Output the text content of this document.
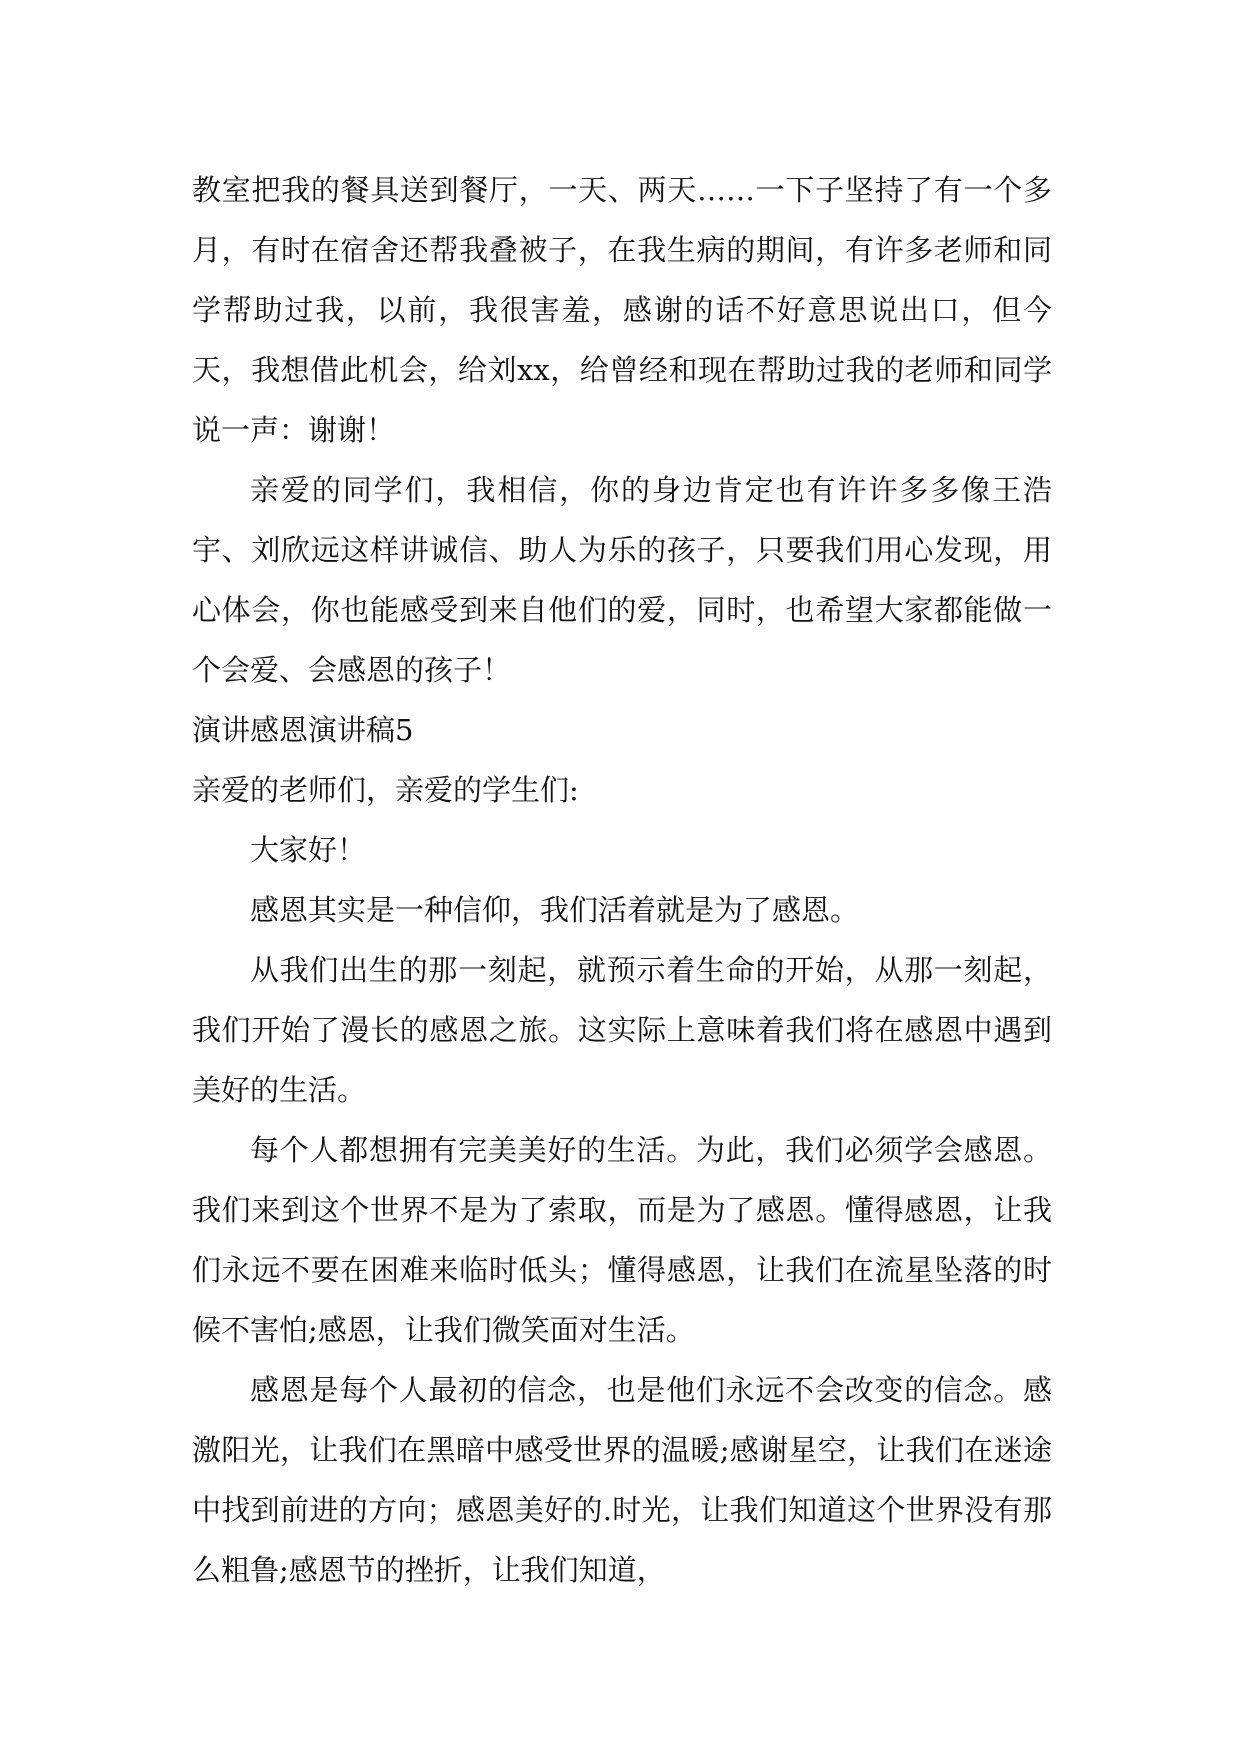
教室把我的餐具送到餐厅，一天、两天……一下子坚持了有一个多月，有时在宿舍还帮我叠被子，在我生病的期间，有许多老师和同学帮助过我，以前，我很害羞，感谢的话不好意思说出口，但今天，我想借此机会，给刘xx，给曾经和现在帮助过我的老师和同学说一声：谢谢！

亲爱的同学们，我相信，你的身边肯定也有许许多多像王浩宇、刘欣远这样讲诚信、助人为乐的孩子，只要我们用心发现，用心体会，你也能感受到来自他们的爱，同时，也希望大家都能做一个会爱、会感恩的孩子！

演讲感恩演讲稿5

亲爱的老师们，亲爱的学生们:

大家好！

感恩其实是一种信仰，我们活着就是为了感恩。

从我们出生的那一刻起，就预示着生命的开始，从那一刻起，我们开始了漫长的感恩之旅。这实际上意味着我们将在感恩中遇到美好的生活。

每个人都想拥有完美美好的生活。为此，我们必须学会感恩。我们来到这个世界不是为了索取，而是为了感恩。懂得感恩，让我们永远不要在困难来临时低头；懂得感恩，让我们在流星坠落的时候不害怕;感恩，让我们微笑面对生活。

感恩是每个人最初的信念，也是他们永远不会改变的信念。感激阳光，让我们在黑暗中感受世界的温暖;感谢星空，让我们在迷途中找到前进的方向；感恩美好的.时光，让我们知道这个世界没有那么粗鲁;感恩节的挫折，让我们知道，
